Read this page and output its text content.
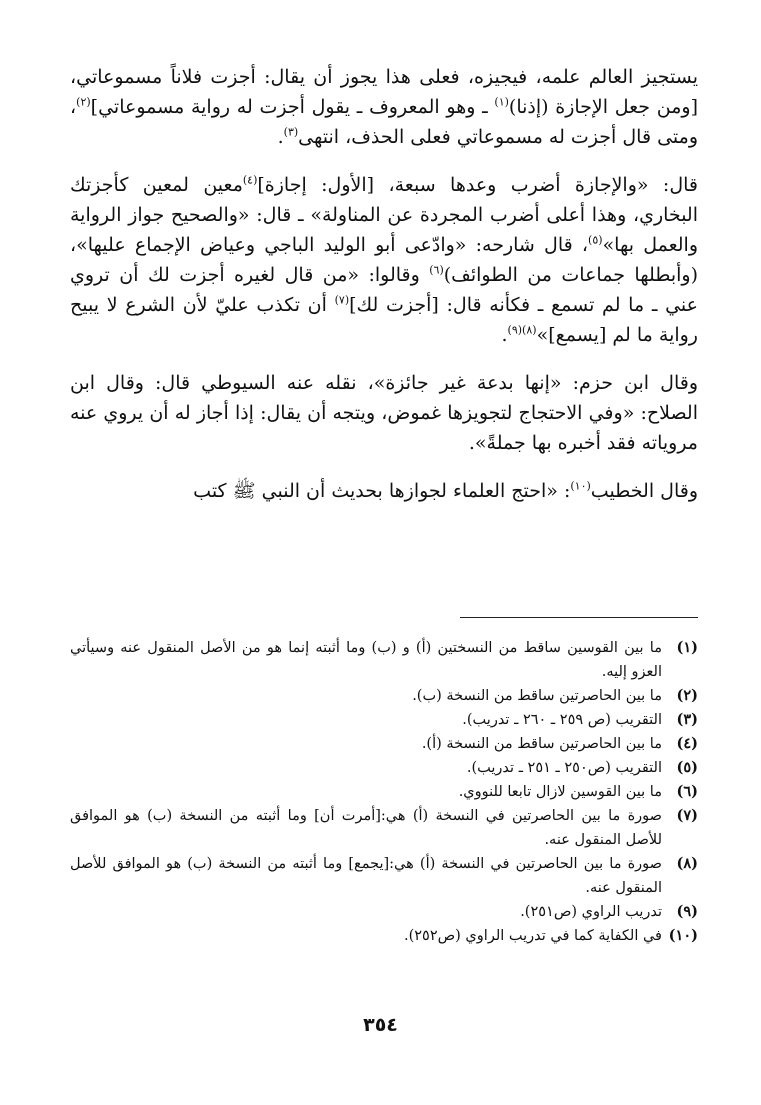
يستجيز العالم علمه، فيجيزه، فعلى هذا يجوز أن يقال: أجزت فلاناً مسموعاتي، [ومن جعل الإجازة (إذنا)$^{(١)}$ ـ وهو المعروف ـ يقول أجزت له رواية مسموعاتي]$^{(٢)}$، ومتى قال أجزت له مسموعاتي فعلى الحذف، انتهى$^{(٣)}$.

قال: «والإجازة أضرب وعدها سبعة، [الأول: إجازة]$^{(٤)}$معين لمعين كأجزتك البخاري، وهذا أعلى أضرب المجردة عن المناولة» ـ قال: «والصحيح جواز الرواية والعمل بها»$^{(٥)}$، قال شارحه: «وادّعى أبو الوليد الباجي وعياض الإجماع عليها»، (وأبطلها جماعات من الطوائف)$^{(٦)}$ وقالوا: «من قال لغيره أجزت لك أن تروي عني ـ ما لم تسمع ـ فكأنه قال: [أجزت لك]$^{(٧)}$ أن تكذب عليّ لأن الشرع لا يبيح رواية ما لم [يسمع]»$^{(٨)(٩)}$.

وقال ابن حزم: «إنها بدعة غير جائزة»، نقله عنه السيوطي قال: وقال ابن الصلاح: «وفي الاحتجاج لتجويزها غموض، ويتجه أن يقال: إذا أجاز له أن يروي عنه مروياته فقد أخبره بها جملةً».

وقال الخطيب$^{(١٠)}$: «احتج العلماء لجوازها بحديث أن النبي ﷺ كتب

(١)
ما بين القوسين ساقط من النسختين (أ) و (ب) وما أثبته إنما هو من الأصل المنقول عنه وسيأتي العزو إليه.
(٢)
ما بين الحاصرتين ساقط من النسخة (ب).
(٣)
التقريب (ص ٢٥٩ ـ ٢٦٠ ـ تدريب).
(٤)
ما بين الحاصرتين ساقط من النسخة (أ).
(٥)
التقريب (ص٢٥٠ ـ ٢٥١ ـ تدريب).
(٦)
ما بين القوسين لازال تابعا للنووي.
(٧)
صورة ما بين الحاصرتين في النسخة (أ) هي:[أمرت أن] وما أثبته من النسخة (ب) هو الموافق للأصل المنقول عنه.
(٨)
صورة ما بين الحاصرتين في النسخة (أ) هي:[يجمع] وما أثبته من النسخة (ب) هو الموافق للأصل المنقول عنه.
(٩)
تدريب الراوي (ص٢٥١).
(١٠)
في الكفاية كما في تدريب الراوي (ص٢٥٢).
٣٥٤
